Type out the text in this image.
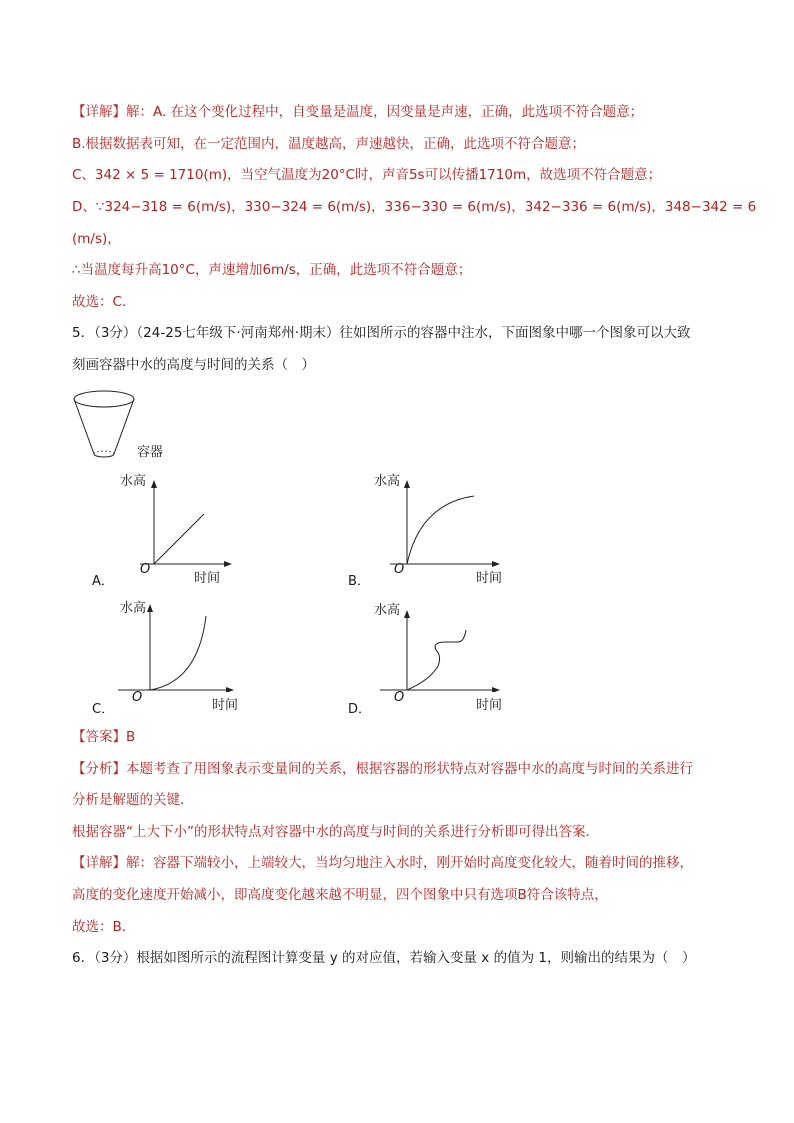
【详解】解：A. 在这个变化过程中，自变量是温度，因变量是声速，正确，此选项不符合题意；
B.根据数据表可知，在一定范围内，温度越高，声速越快，正确，此选项不符合题意；
C、342 × 5 = 1710(m)，当空气温度为20°C时，声音5s可以传播1710m，故选项不符合题意；
D、∵324−318 = 6(m/s)，330−324 = 6(m/s)，336−330 = 6(m/s)，342−336 = 6(m/s)，348−342 = 6
(m/s)，
∴当温度每升高10°C，声速增加6m/s，正确，此选项不符合题意；
故选：C．
5．（3分）（24-25七年级下·河南郑州·期末）往如图所示的容器中注水，下面图象中哪一个图象可以大致
刻画容器中水的高度与时间的关系（　）
容器
水高
O
时间
A．
水高
O
时间
B．
水高
O
时间
C．
水高
O
时间
D．
【答案】B
【分析】本题考查了用图象表示变量间的关系，根据容器的形状特点对容器中水的高度与时间的关系进行
分析是解题的关键．
根据容器“上大下小”的形状特点对容器中水的高度与时间的关系进行分析即可得出答案．
【详解】解：容器下端较小，上端较大，当均匀地注入水时，刚开始时高度变化较大，随着时间的推移，
高度的变化速度开始减小，即高度变化越来越不明显，四个图象中只有选项B符合该特点，
故选：B．
6．（3分）根据如图所示的流程图计算变量 y 的对应值，若输入变量 x 的值为 1，则输出的结果为（　）
